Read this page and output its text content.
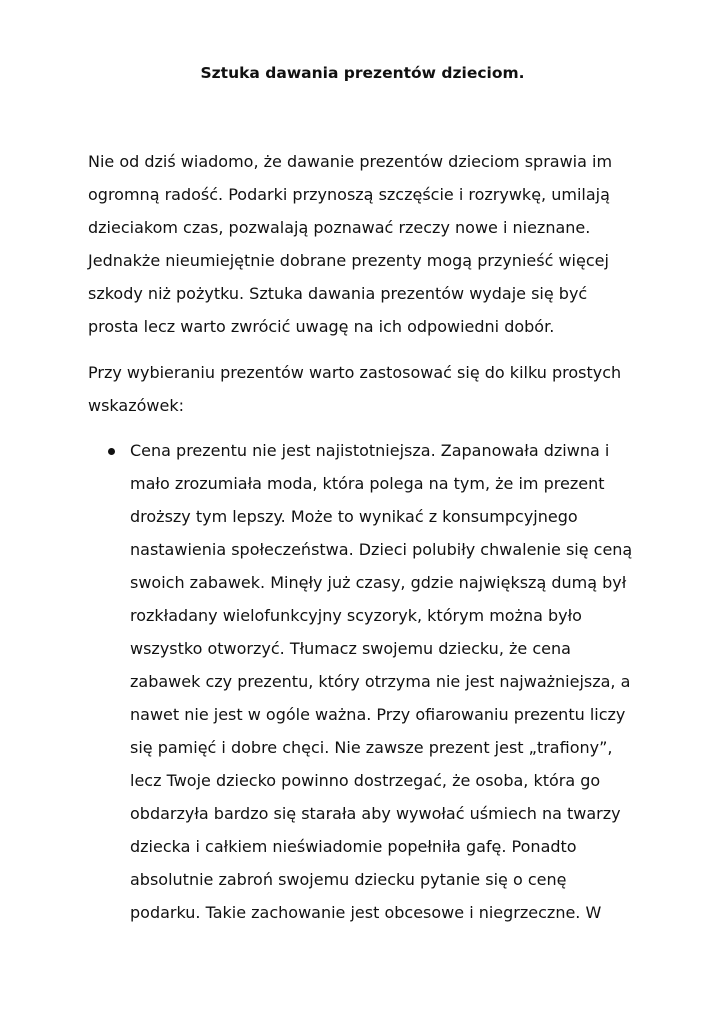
Sztuka dawania prezentów dzieciom.

Nie od dziś wiadomo, że dawanie prezentów dzieciom sprawia im

ogromną radość. Podarki przynoszą szczęście i rozrywkę, umilają

dzieciakom czas, pozwalają poznawać rzeczy nowe i nieznane.

Jednakże nieumiejętnie dobrane prezenty mogą przynieść więcej

szkody niż pożytku. Sztuka dawania prezentów wydaje się być

prosta lecz warto zwrócić uwagę na ich odpowiedni dobór.

Przy wybieraniu prezentów warto zastosować się do kilku prostych

wskazówek:

Cena prezentu nie jest najistotniejsza. Zapanowała dziwna i

mało zrozumiała moda, która polega na tym, że im prezent

droższy tym lepszy. Może to wynikać z konsumpcyjnego

nastawienia społeczeństwa. Dzieci polubiły chwalenie się ceną

swoich zabawek. Minęły już czasy, gdzie największą dumą był

rozkładany wielofunkcyjny scyzoryk, którym można było

wszystko otworzyć. Tłumacz swojemu dziecku, że cena

zabawek czy prezentu, który otrzyma nie jest najważniejsza, a

nawet nie jest w ogóle ważna. Przy ofiarowaniu prezentu liczy

się pamięć i dobre chęci. Nie zawsze prezent jest „trafiony”,

lecz Twoje dziecko powinno dostrzegać, że osoba, która go

obdarzyła bardzo się starała aby wywołać uśmiech na twarzy

dziecka i całkiem nieświadomie popełniła gafę. Ponadto

absolutnie zabroń swojemu dziecku pytanie się o cenę

podarku. Takie zachowanie jest obcesowe i niegrzeczne. W
